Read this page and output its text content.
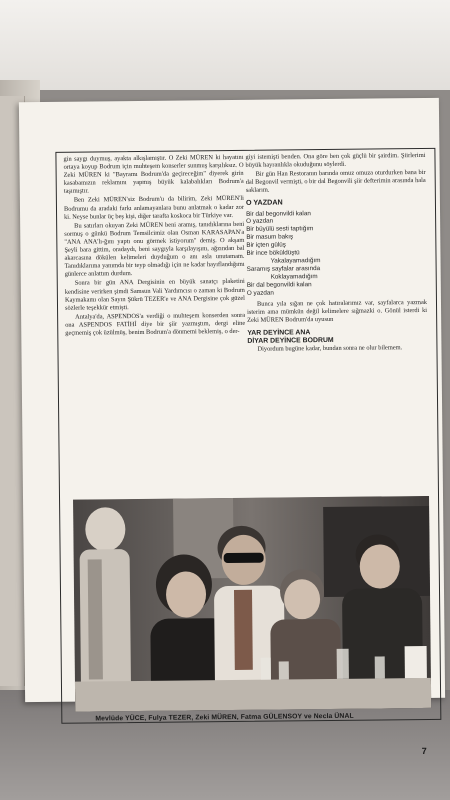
gin saygı duymuş, ayakta alkışlamıştır. O Zeki MÜREN ki hayatını ortaya koyup Bodrum için muhteşem konserler sunmuş karşılıksız. O Zeki MÜREN ki "Bayramı Bodrum'da geçireceğim" diyerek girin kasabamızın reklamını yapmış büyük kalabalıkları Bodrum'a taşımıştır.

Ben Zeki MÜREN'siz Bodrum'u da bilirim, Zeki MÜREN'li Bodrumu da aradaki farkı anlamayanlara bunu anlatmak o kadar zor ki. Neyse bunlar üç beş kişi, diğer tarafta koskoca bir Türkiye var.

Bu satırları okuyan Zeki MÜREN beni aramış, tanıdıklarına beni sormuş o günkü Bodrum Temsilcimiz olan Osman KARASAPAN'a "ANA ANA'lı-ğını yaptı onu görmek istiyorum" demiş. O akşam Şeyli bara gittim, oradaydı, beni saygıyla karşılayışını, ağzından bal akarcasına dökülen kelimeleri duyduğum o anı asla unutamam. Tanıdıklarıma yanımda bir teyp olmadığı için ne kadar hayıflandığımı günlerce anlattım durdum.

Sonra bir gün ANA Dergisinin en büyük sanatçı plaketini kendisine verirken şimdi Samsun Vali Yardımcısı o zaman ki Bodrum Kaymakamı olan Sayın Şükrü TEZER'e ve ANA Dergisine çok güzel sözlerle teşekkür etmişti.

Antalya'da, ASPENDOS'a verdiği o muhteşem konserden sonra ona ASPENDOS FATİHİ diye bir şiir yazmıştım, dergi eline geçmemiş çok üzülmüş, benim Bodrum'a dönmemi beklemiş, o der-

giyi istemişti benden. Ona göre ben çok güçlü bir şairdim. Şiirlerimi büyük hayranlıkla okuduğunu söylerdi.

Bir gün Han Restoranın barında omuz omuza oturdurken bana bir dal Begonvil vermişti, o bir dal Begonvili şiir defterimin arasında hala saklarım.

O YAZDAN
Bir dal begonvildi kalan
O yazdan
Bir büyülü sesti taptığım
Bir masum bakış
Bir içten gülüş
Bir ince böküldüştü
Yakalayamadığım
Saramış sayfalar arasında
Koklayamadığım
Bir dal begonvildi kalan
O yazdan

Bunca yıla sığan ne çok hatıralarımız var, sayfalarca yazmak isterim ama mümkün değil kelimelere sığmazki o. Gönül isterdi ki Zeki MÜREN Bodrum'da uyusun

YAR DEYİNCE ANA
DİYAR DEYİNCE BODRUM

Diyordum bugüne kadar, bundan sonra ne olur bilemem.

Mevlüde YÜCE, Fulya TEZER, Zeki MÜREN, Fatma GÜLENSOY ve Necla ÜNAL
7
